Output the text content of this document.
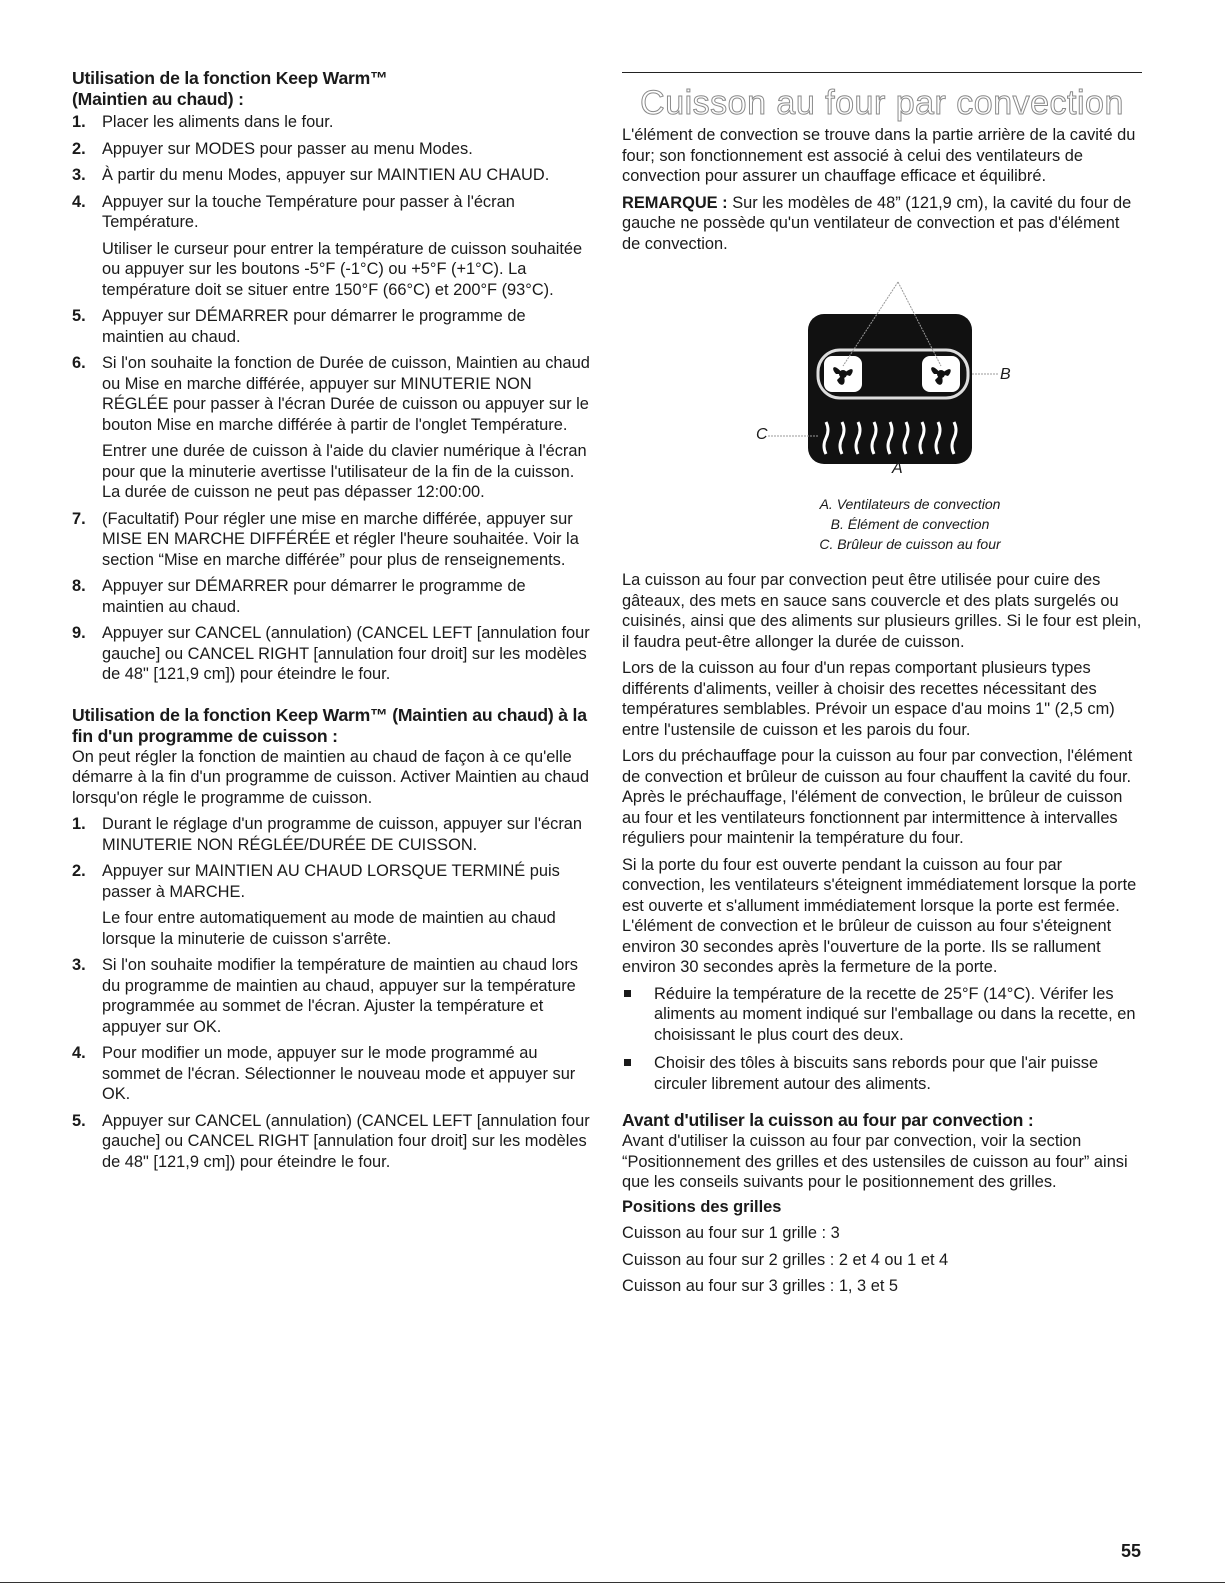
Utilisation de la fonction Keep Warm™
(Maintien au chaud) :
1. Placer les aliments dans le four.
2. Appuyer sur MODES pour passer au menu Modes.
3. À partir du menu Modes, appuyer sur MAINTIEN AU CHAUD.
4. Appuyer sur la touche Température pour passer à l'écran Température.

Utiliser le curseur pour entrer la température de cuisson souhaitée ou appuyer sur les boutons -5°F (-1°C) ou +5°F (+1°C). La température doit se situer entre 150°F (66°C) et 200°F (93°C).

5. Appuyer sur DÉMARRER pour démarrer le programme de maintien au chaud.
6. Si l'on souhaite la fonction de Durée de cuisson, Maintien au chaud ou Mise en marche différée, appuyer sur MINUTERIE NON RÉGLÉE pour passer à l'écran Durée de cuisson ou appuyer sur le bouton Mise en marche différée à partir de l'onglet Température.

Entrer une durée de cuisson à l'aide du clavier numérique à l'écran pour que la minuterie avertisse l'utilisateur de la fin de la cuisson. La durée de cuisson ne peut pas dépasser 12:00:00.

7. (Facultatif) Pour régler une mise en marche différée, appuyer sur MISE EN MARCHE DIFFÉRÉE et régler l'heure souhaitée. Voir la section “Mise en marche différée” pour plus de renseignements.
8. Appuyer sur DÉMARRER pour démarrer le programme de maintien au chaud.
9. Appuyer sur CANCEL (annulation) (CANCEL LEFT [annulation four gauche] ou CANCEL RIGHT [annulation four droit] sur les modèles de 48" [121,9 cm]) pour éteindre le four.
Utilisation de la fonction Keep Warm™ (Maintien au chaud) à la fin d'un programme de cuisson :

On peut régler la fonction de maintien au chaud de façon à ce qu'elle démarre à la fin d'un programme de cuisson. Activer Maintien au chaud lorsqu'on régle le programme de cuisson.

1. Durant le réglage d'un programme de cuisson, appuyer sur l'écran MINUTERIE NON RÉGLÉE/DURÉE DE CUISSON.
2. Appuyer sur MAINTIEN AU CHAUD LORSQUE TERMINÉ puis passer à MARCHE.

Le four entre automatiquement au mode de maintien au chaud lorsque la minuterie de cuisson s'arrête.

3. Si l'on souhaite modifier la température de maintien au chaud lors du programme de maintien au chaud, appuyer sur la température programmée au sommet de l'écran. Ajuster la température et appuyer sur OK.
4. Pour modifier un mode, appuyer sur le mode programmé au sommet de l'écran. Sélectionner le nouveau mode et appuyer sur OK.
5. Appuyer sur CANCEL (annulation) (CANCEL LEFT [annulation four gauche] ou CANCEL RIGHT [annulation four droit] sur les modèles de 48" [121,9 cm]) pour éteindre le four.
Cuisson au four par convection

L'élément de convection se trouve dans la partie arrière de la cavité du four; son fonctionnement est associé à celui des ventilateurs de convection pour assurer un chauffage efficace et équilibré.

REMARQUE : Sur les modèles de 48” (121,9 cm), la cavité du four de gauche ne possède qu'un ventilateur de convection et pas d'élément de convection.

A
B
C
A. Ventilateurs de convection
B. Élément de convection
C. Brûleur de cuisson au four

La cuisson au four par convection peut être utilisée pour cuire des gâteaux, des mets en sauce sans couvercle et des plats surgelés ou cuisinés, ainsi que des aliments sur plusieurs grilles. Si le four est plein, il faudra peut-être allonger la durée de cuisson.

Lors de la cuisson au four d'un repas comportant plusieurs types différents d'aliments, veiller à choisir des recettes nécessitant des températures semblables. Prévoir un espace d'au moins 1" (2,5 cm) entre l'ustensile de cuisson et les parois du four.

Lors du préchauffage pour la cuisson au four par convection, l'élément de convection et brûleur de cuisson au four chauffent la cavité du four. Après le préchauffage, l'élément de convection, le brûleur de cuisson au four et les ventilateurs fonctionnent par intermittence à intervalles réguliers pour maintenir la température du four.

Si la porte du four est ouverte pendant la cuisson au four par convection, les ventilateurs s'éteignent immédiatement lorsque la porte est ouverte et s'allument immédiatement lorsque la porte est fermée. L'élément de convection et le brûleur de cuisson au four s'éteignent environ 30 secondes après l'ouverture de la porte. Ils se rallument environ 30 secondes après la fermeture de la porte.

Réduire la température de la recette de 25°F (14°C). Vérifer les aliments au moment indiqué sur l'emballage ou dans la recette, en choisissant le plus court des deux.
Choisir des tôles à biscuits sans rebords pour que l'air puisse circuler librement autour des aliments.
Avant d'utiliser la cuisson au four par convection :

Avant d'utiliser la cuisson au four par convection, voir la section “Positionnement des grilles et des ustensiles de cuisson au four” ainsi que les conseils suivants pour le positionnement des grilles.

Positions des grilles

Cuisson au four sur 1 grille : 3

Cuisson au four sur 2 grilles : 2 et 4 ou 1 et 4

Cuisson au four sur 3 grilles : 1, 3 et 5

55
